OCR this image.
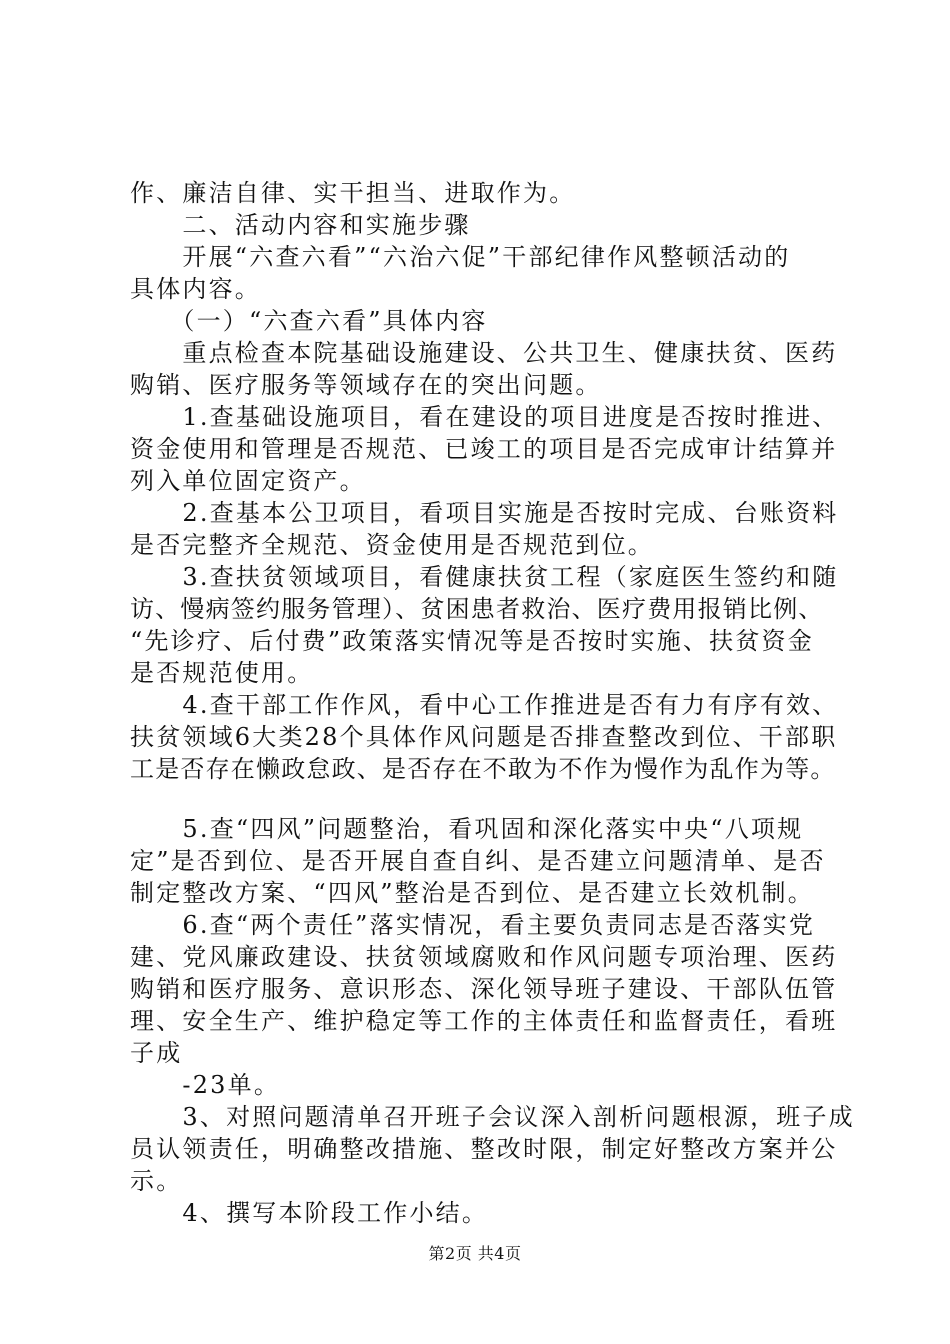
作、廉洁自律、实干担当、进取作为。
　　二、活动内容和实施步骤
　　开展“六查六看”“六治六促”干部纪律作风整顿活动的
具体内容。
　　（一）“六查六看”具体内容
　　重点检查本院基础设施建设、公共卫生、健康扶贫、医药
购销、医疗服务等领域存在的突出问题。
　　1.查基础设施项目，看在建设的项目进度是否按时推进、
资金使用和管理是否规范、已竣工的项目是否完成审计结算并
列入单位固定资产。
　　2.查基本公卫项目，看项目实施是否按时完成、台账资料
是否完整齐全规范、资金使用是否规范到位。
　　3.查扶贫领域项目，看健康扶贫工程（家庭医生签约和随
访、慢病签约服务管理）、贫困患者救治、医疗费用报销比例、
“先诊疗、后付费”政策落实情况等是否按时实施、扶贫资金
是否规范使用。
　　4.查干部工作作风，看中心工作推进是否有力有序有效、
扶贫领域6大类28个具体作风问题是否排查整改到位、干部职
工是否存在懒政怠政、是否存在不敢为不作为慢作为乱作为等。
　　5.查“四风”问题整治，看巩固和深化落实中央“八项规
定”是否到位、是否开展自查自纠、是否建立问题清单、是否
制定整改方案、“四风”整治是否到位、是否建立长效机制。
　　6.查“两个责任”落实情况，看主要负责同志是否落实党
建、党风廉政建设、扶贫领域腐败和作风问题专项治理、医药
购销和医疗服务、意识形态、深化领导班子建设、干部队伍管
理、安全生产、维护稳定等工作的主体责任和监督责任，看班
子成
　　-23单。
　　3、对照问题清单召开班子会议深入剖析问题根源，班子成
员认领责任，明确整改措施、整改时限，制定好整改方案并公
示。
　　4、撰写本阶段工作小结。
第2页 共4页
